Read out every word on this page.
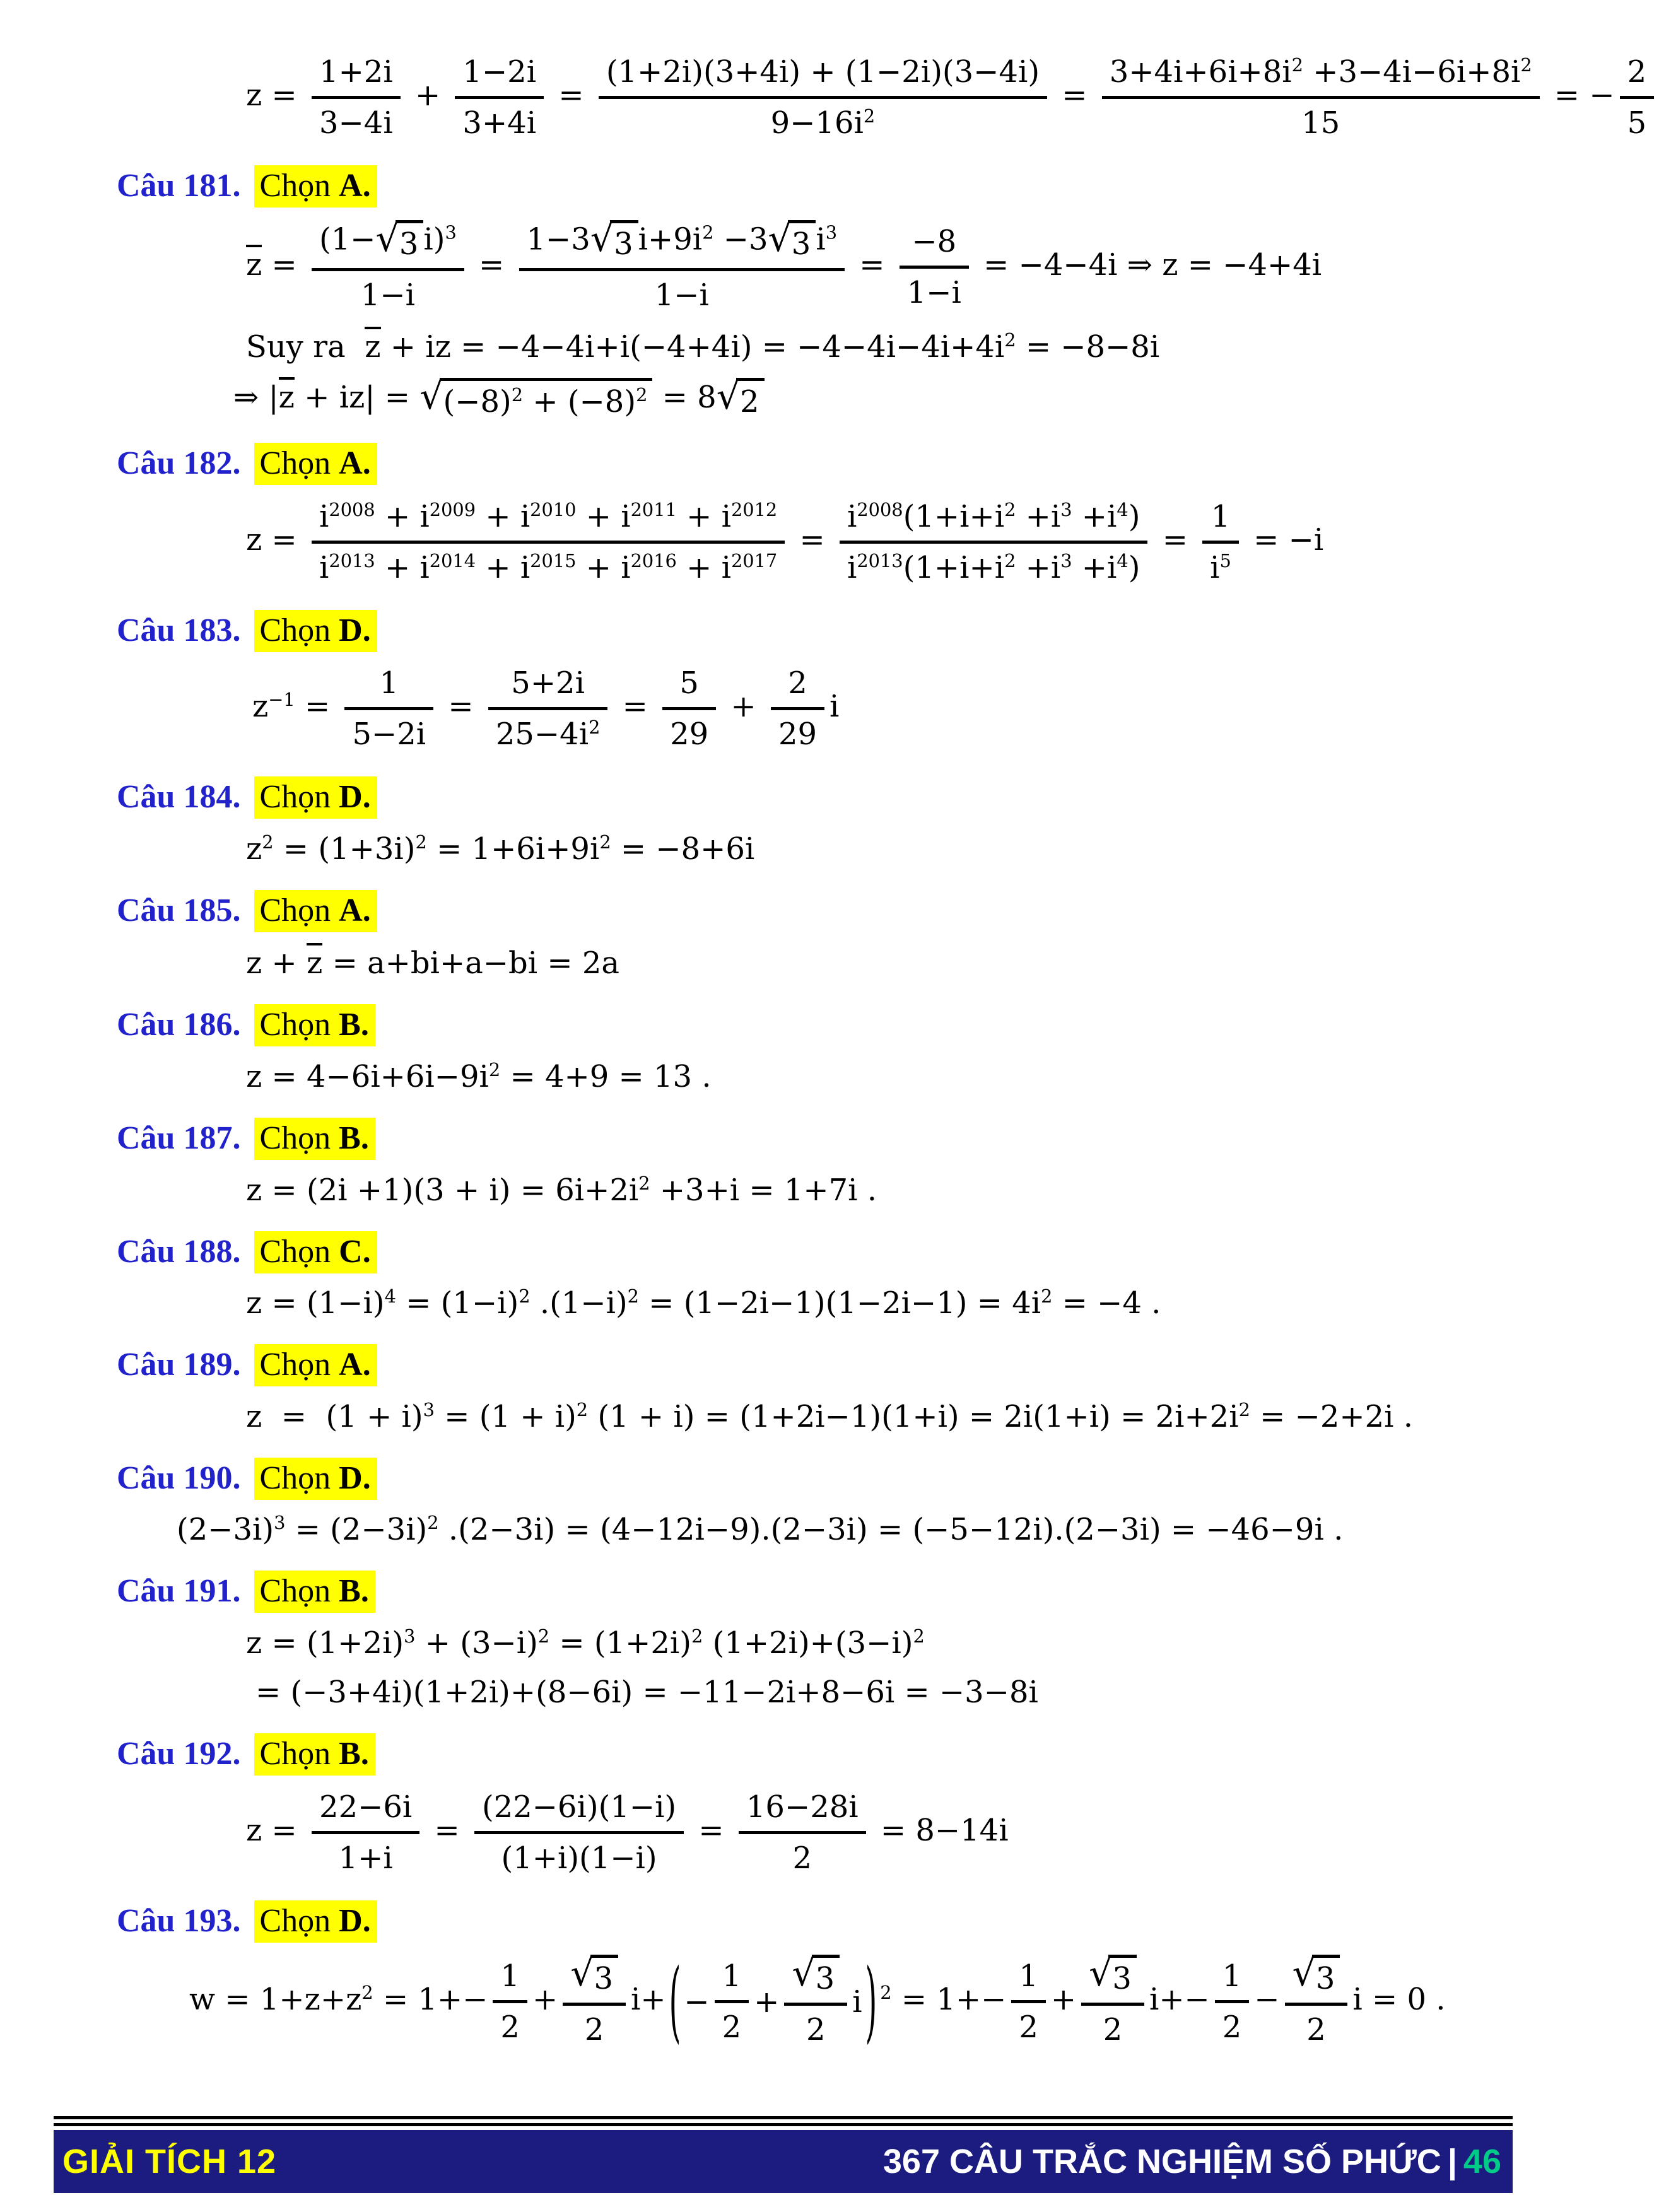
$z = \frac{1+2i}{3-4i} + \frac{1-2i}{3+4i} = \frac{(1+2i)(3+4i) + (1-2i)(3-4i)}{9-16i^2} = \frac{3+4i+6i+8i^2 +3-4i-6i+8i^2}{15}$ = − $\frac{2}{5}$
Câu 181. Chọn A.
$z = \frac{(1-√3 i)^3}{1-i} = \frac{1-3√3 i+9i^2 -3√3 i^3}{1-i} = \frac{-8}{1-i} = -4-4i$ ⇒ z = −4+4i
Suy ra  z + iz = $-4-4i+i(-4+4i) = -4-4i-4i+4i^2 = -8-8i$
⇒ $|z + iz| = √(-8)^2 + (-8)^2 = 8√2$
Câu 182. Chọn A.
$z = \frac{i^{2008} + i^{2009} + i^{2010} + i^{2011} + i^{2012}}{i^{2013} + i^{2014} + i^{2015} + i^{2016} + i^{2017}} = \frac{i^{2008}(1+i+i^2 +i^3 +i^4)}{i^{2013}(1+i+i^2 +i^3 +i^4)} = \frac{1}{i^5} = -i$
Câu 183. Chọn D.
$z^{-1} = \frac{1}{5-2i} = \frac{5+2i}{25-4i^2} = \frac{5}{29} + \frac{2}{29}$ i
Câu 184. Chọn D.
$z^2 = (1+3i)^2 = 1+6i+9i^2 = -8+6i$
Câu 185. Chọn A.
z + z = a+bi+a−bi = 2a
Câu 186. Chọn B.
$z = 4-6i+6i-9i^2 = 4+9 = 13$ .
Câu 187. Chọn B.
$z = (2i +1)(3 + i) = 6i+2i^2 +3+i = 1+7i$ .
Câu 188. Chọn C.
$z = (1-i)^4 = (1-i)^2$ $.(1-i)^2 = (1-2i-1)(1-2i-1) = 4i^2 = -4$ .
Câu 189. Chọn A.
$z = (1 + i)^3 = (1 + i)^2$ $(1 + i) = (1+2i-1)(1+i) = 2i(1+i) = 2i+2i^2 = -2+2i$ .
Câu 190. Chọn D.
$(2-3i)^3 = (2-3i)^2$ .(2−3i) = (4−12i−9).(2−3i) = (−5−12i).(2−3i) = −46−9i .
Câu 191. Chọn B.
$z = (1+2i)^3 + (3-i)^2 = (1+2i)^2$ $(1+2i)+(3-i)^2$
= (−3+4i)(1+2i)+(8−6i) = −11−2i+8−6i = −3−8i
Câu 192. Chọn B.
$z = \frac{22-6i}{1+i} = \frac{(22-6i)(1-i)}{(1+i)(1-i)} = \frac{16-28i}{2} = 8-14i$
Câu 193. Chọn D.
$w = 1+z+z^2 = 1+- \frac{1}{2} + \frac{√3}{2} i+$ ( − $\frac{1}{2} + \frac{√3}{2}$ i ) $^2 = 1+- \frac{1}{2} + \frac{√3}{2} i+- \frac{1}{2} - \frac{√3}{2}$ i = 0 .
GIẢI TÍCH 12	367 CÂU TRẮC NGHIỆM SỐ PHỨC | 46
